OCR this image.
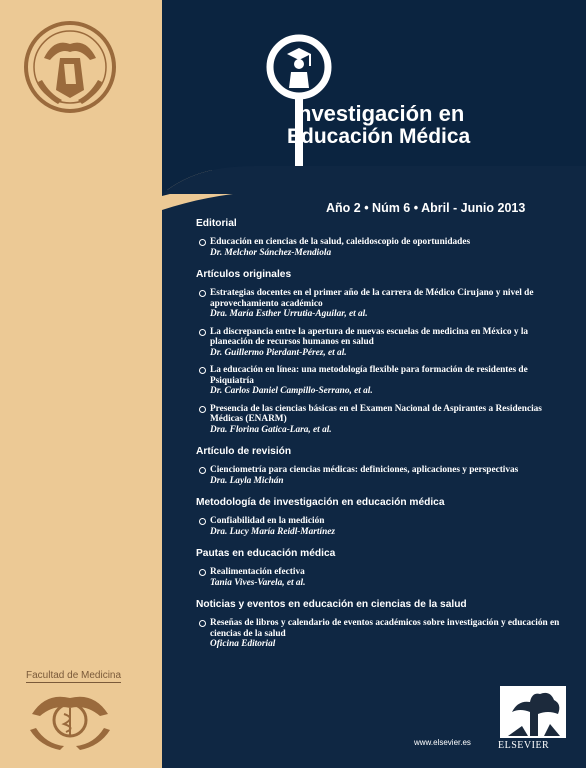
Facultad de Medicina
nvestigación en
Educación Médica
Año 2 • Núm 6 • Abril - Junio 2013

Editorial

Educación en ciencias de la salud, caleidoscopio de oportunidades
Dr. Melchor Sánchez-Mendiola

Artículos originales

Estrategias docentes en el primer año de la carrera de Médico Cirujano y nivel de aprovechamiento académico
Dra. María Esther Urrutia-Aguilar, et al.
La discrepancia entre la apertura de nuevas escuelas de medicina en México y la planeación de recursos humanos en salud
Dr. Guillermo Pierdant-Pérez, et al.
La educación en línea: una metodología flexible para formación de residentes de Psiquiatría
Dr. Carlos Daniel Campillo-Serrano, et al.
Presencia de las ciencias básicas en el Examen Nacional de Aspirantes a Residencias Médicas (ENARM)
Dra. Florina Gatica-Lara, et al.

Artículo de revisión

Cienciometría para ciencias médicas: definiciones, aplicaciones y perspectivas
Dra. Layla Michán

Metodología de investigación en educación médica

Confiabilidad en la medición
Dra. Lucy María Reidl-Martínez

Pautas en educación médica

Realimentación efectiva
Tania Vives-Varela, et al.

Noticias y eventos en educación en ciencias de la salud

Reseñas de libros y calendario de eventos académicos sobre investigación y educación en ciencias de la salud
Oficina Editorial
www.elsevier.es	ELSEVIER
